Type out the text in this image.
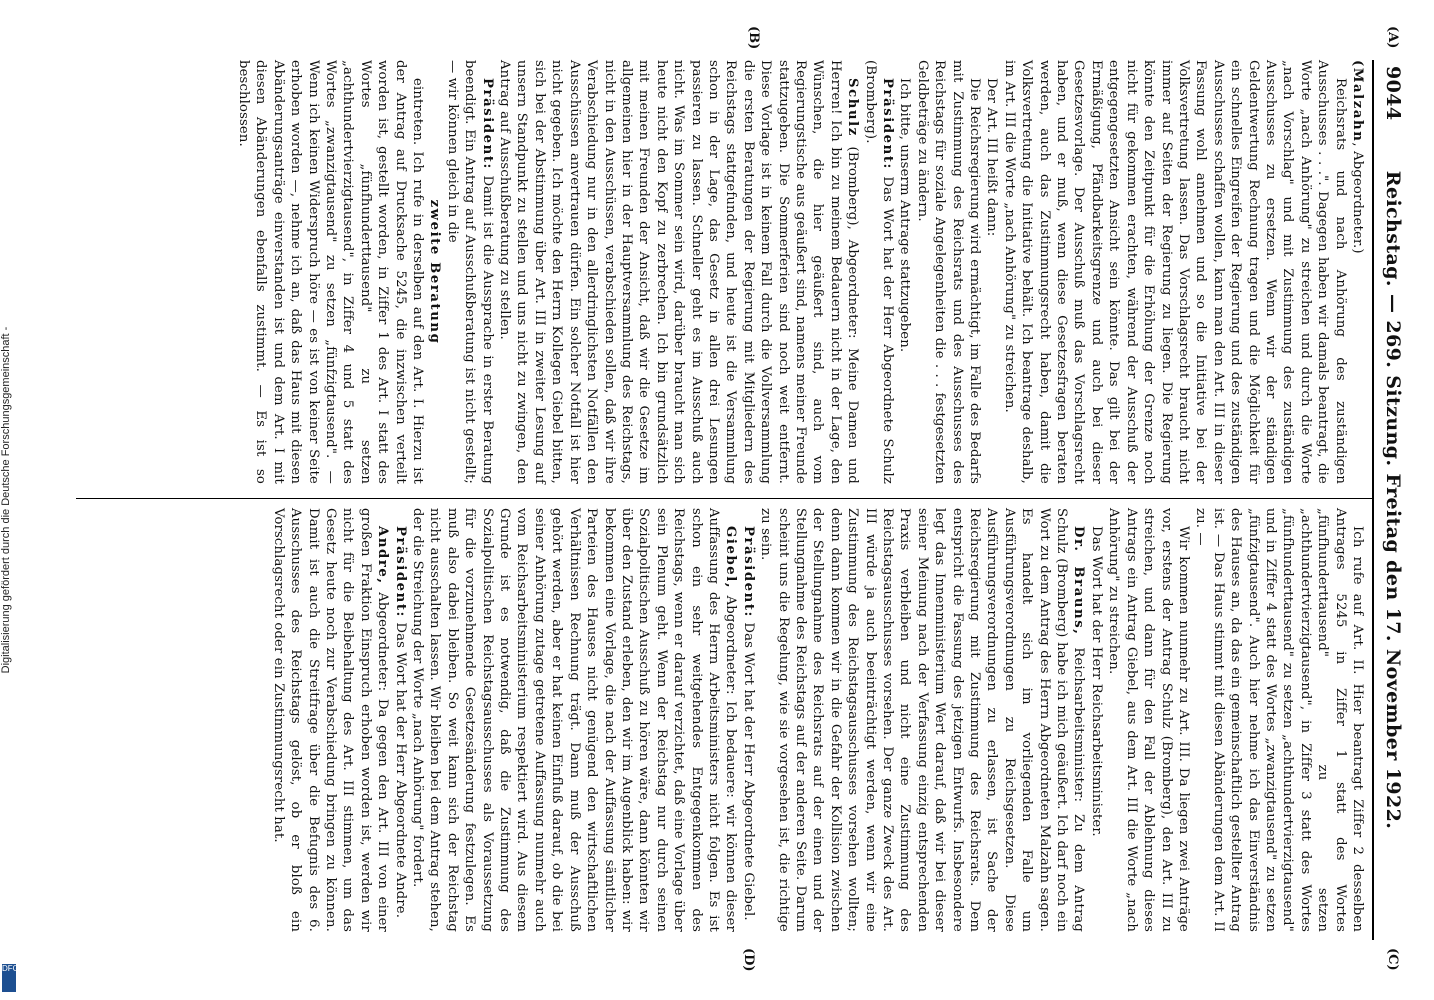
9044
Reichstag. — 269. Sitzung. Freitag den 17. November 1922.
(A)
(B)
(C)
(D)

(Malzahn, Abgeordneter.)

Reichsrats und nach Anhörung des zuständigen Ausschusses . . .". Dagegen haben wir damals beantragt, die Worte „nach Anhörung" zu streichen und durch die Worte „nach Vorschlag" und mit Zustimmung des zuständigen Ausschusses zu ersetzen. Wenn wir der ständigen Geldentwertung Rechnung tragen und die Möglichkeit für ein schnelles Eingreifen der Regierung und des zuständigen Ausschusses schaffen wollen, kann man den Art. III in dieser Fassung wohl annehmen und so die Initiative bei der Volksvertretung lassen. Das Vorschlagsrecht braucht nicht immer auf Seiten der Regierung zu liegen. Die Regierung könnte den Zeitpunkt für die Erhöhung der Grenze noch nicht für gekommen erachten, während der Ausschuß der entgegengesetzten Ansicht sein könnte. Das gilt bei der Ermäßigung, Pfändbarkeitsgrenze und auch bei dieser Gesetzesvorlage. Der Ausschuß muß das Vorschlagsrecht haben, und er muß, wenn diese Gesetzesfragen beraten werden, auch das Zustimmungsrecht haben, damit die Volksvertretung die Initiative behält. Ich beantrage deshalb, im Art. III die Worte „nach Anhörung" zu streichen.

Der Art. III heißt dann:

Die Reichsregierung wird ermächtigt, im Falle des Bedarfs mit Zustimmung des Reichsrats und des Ausschusses des Reichstags für soziale Angelegenheiten die . . . festgesetzten Geldbeträge zu ändern.

Ich bitte, unserm Antrage stattzugeben.

Präsident: Das Wort hat der Herr Abgeordnete Schulz (Bromberg).

Schulz (Bromberg), Abgeordneter: Meine Damen und Herren! Ich bin zu meinem Bedauern nicht in der Lage, den Wünschen, die hier geäußert sind, auch vom Regierungstische aus geäußert sind, namens meiner Freunde stattzugeben. Die Sommerferien sind noch weit entfernt. Diese Vorlage ist in keinem Fall durch die Vollversammlung die ersten Beratungen der Regierung mit Mitgliedern des Reichstags stattgefunden, und heute ist die Versammlung schon in der Lage, das Gesetz in allen drei Lesungen passieren zu lassen. Schneller geht es im Ausschuß auch nicht. Was im Sommer sein wird, darüber braucht man sich heute nicht den Kopf zu zerbrechen. Ich bin grundsätzlich mit meinen Freunden der Ansicht, daß wir die Gesetze im allgemeinen hier in der Hauptversammlung des Reichstags, nicht in den Ausschüssen, verabschieden sollen, daß wir ihre Verabschiedung nur in den allerdringlichsten Notfällen den Ausschüssen anvertrauen dürfen. Ein solcher Notfall ist hier nicht gegeben. Ich möchte den Herrn Kollegen Giebel bitten, sich bei der Abstimmung über Art. III in zweiter Lesung auf unsern Standpunkt zu stellen und uns nicht zu zwingen, den Antrag auf Ausschußberatung zu stellen.

Präsident: Damit ist die Aussprache in erster Beratung beendigt. Ein Antrag auf Ausschußberatung ist nicht gestellt; — wir können gleich in die

zweite Beratung

eintreten. Ich rufe in derselben auf den Art. I. Hierzu ist der Antrag auf Drucksache 5245, die inzwischen verteilt worden ist, gestellt worden, in Ziffer 1 des Art. I statt des Wortes „fünfhunderttausend" zu setzen „achthundertvierzigtausend", in Ziffer 4 und 5 statt des Wortes „zwanzigtausend" zu setzen „fünfzigtausend". — Wenn ich keinen Widerspruch höre — es ist von keiner Seite erhoben worden —, nehme ich an, daß das Haus mit diesen Abänderungsanträge einverstanden ist und dem Art. I mit diesen Abänderungen ebenfalls zustimmt. — Es ist so beschlossen.

Ich rufe auf Art. II. Hier beantragt Ziffer 2 desselben Antrages 5245 in Ziffer 1 statt des Wortes „fünfhunderttausend" zu setzen „achthundertvierzigtausend", in Ziffer 3 statt des Wortes „fünfhunderttausend" zu setzen „achthundertvierzigtausend" und in Ziffer 4 statt des Wortes „zwanzigtausend" zu setzen „fünfzigtausend". Auch hier nehme ich das Einverständnis des Hauses an, da das ein gemeinschaftlich gestellter Antrag ist. — Das Haus stimmt mit diesen Abänderungen dem Art. II zu. —

Wir kommen nunmehr zu Art. III. Da liegen zwei Anträge vor, erstens der Antrag Schulz (Bromberg), den Art. III zu streichen, und dann für den Fall der Ablehnung dieses Antrags ein Antrag Giebel, aus dem Art. III die Worte „nach Anhörung" zu streichen.

Das Wort hat der Herr Reichsarbeitsminister.

Dr. Brauns, Reichsarbeitsminister: Zu dem Antrag Schulz (Bromberg) habe ich mich geäußert. Ich darf noch ein Wort zu dem Antrag des Herrn Abgeordneten Malzahn sagen. Es handelt sich im vorliegenden Falle um Ausführungsverordnungen zu Reichsgesetzen. Diese Ausführungsverordnungen zu erlassen, ist Sache der Reichsregierung mit Zustimmung des Reichsrats. Dem entspricht die Fassung des jetzigen Entwurfs. Insbesondere legt das Innenministerium Wert darauf, daß wir bei dieser seiner Meinung nach der Verfassung einzig entsprechenden Praxis verbleiben und nicht eine Zustimmung des Reichstagsausschusses vorsehen. Der ganze Zweck des Art. III würde ja auch beeinträchtigt werden, wenn wir eine Zustimmung des Reichstagsausschusses vorsehen wollten; denn dann kommen wir in die Gefahr der Kollision zwischen der Stellungnahme des Reichsrats auf der einen und der Stellungnahme des Reichstags auf der anderen Seite. Darum scheint uns die Regelung, wie sie vorgesehen ist, die richtige zu sein.

Präsident: Das Wort hat der Herr Abgeordnete Giebel.

Giebel, Abgeordneter: Ich bedauere: wir können dieser Auffassung des Herrn Arbeitsministers nicht folgen. Es ist schon ein sehr weitgehendes Entgegenkommen des Reichstags, wenn er darauf verzichtet, daß eine Vorlage über sein Plenum geht. Wenn der Reichstag nur durch seinen Sozialpolitischen Ausschuß zu hören wäre, dann könnten wir über den Zustand erleben, den wir im Augenblick haben: wir bekommen eine Vorlage, die nach der Auffassung sämtlicher Parteien des Hauses nicht genügend den wirtschaftlichen Verhältnissen Rechnung trägt. Dann muß der Ausschuß gehört werden, aber er hat keinen Einfluß darauf, ob die bei seiner Anhörung zutage getretene Auffassung nunmehr auch vom Reichsarbeitsministerium respektiert wird. Aus diesem Grunde ist es notwendig, daß die Zustimmung des Sozialpolitischen Reichstagsausschusses als Voraussetzung für die vorzunehmende Gesetzesänderung festzulegen. Es muß also dabei bleiben. So weit kann sich der Reichstag nicht ausschalten lassen. Wir bleiben bei dem Antrag stehen, der die Streichung der Worte „nach Anhörung" fordert.

Präsident: Das Wort hat der Herr Abgeordnete Andre.

Andre, Abgeordneter: Da gegen den Art. III von einer großen Fraktion Einspruch erhoben worden ist, werden wir nicht für die Beibehaltung des Art. III stimmen, um das Gesetz heute noch zur Verabschiedung bringen zu können. Damit ist auch die Streitfrage über die Befugnis des 6. Ausschusses des Reichstags gelöst, ob er bloß ein Vorschlagsrecht oder ein Zustimmungsrecht hat.

Digitalisierung gefördert durch die Deutsche Forschungsgemeinschaft -
DFG
